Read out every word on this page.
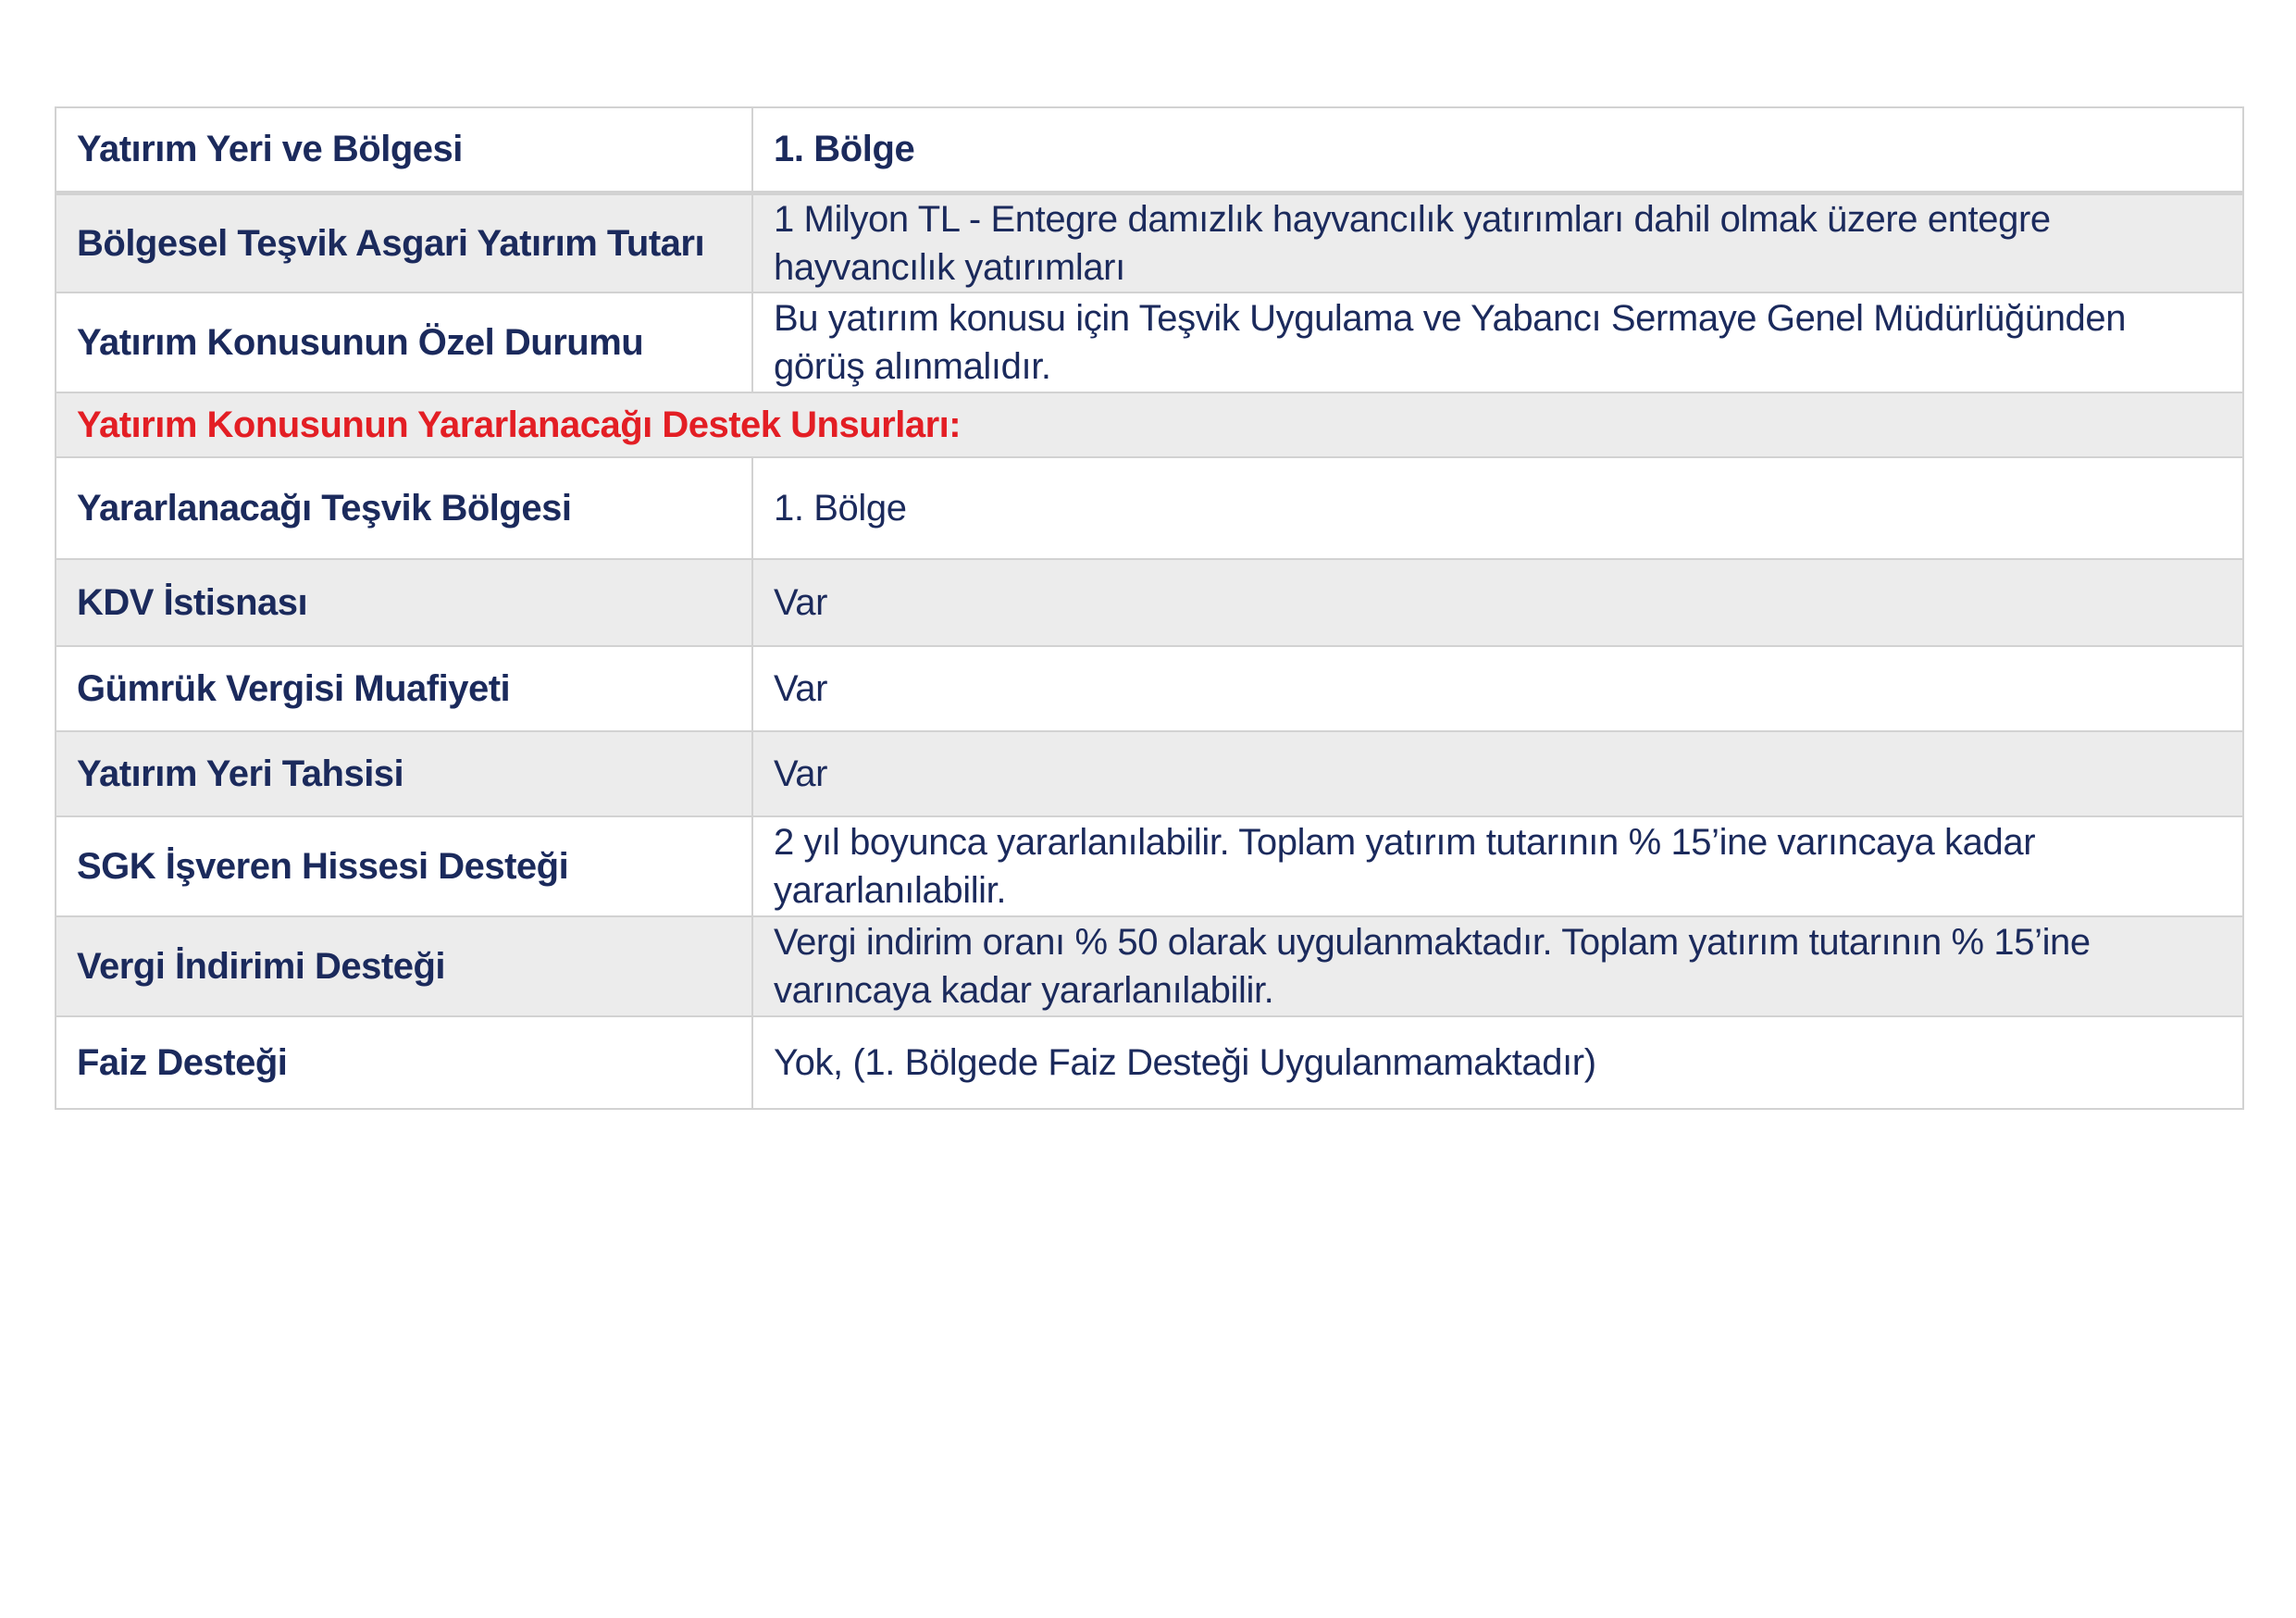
Yatırım Yeri ve Bölgesi	1. Bölge
Bölgesel Teşvik Asgari Yatırım Tutarı	1 Milyon TL - Entegre damızlık hayvancılık yatırımları dahil olmak üzere entegre hayvancılık yatırımları
Yatırım Konusunun Özel Durumu	Bu yatırım konusu için Teşvik Uygulama ve Yabancı Sermaye Genel Müdürlüğünden görüş alınmalıdır.
Yatırım Konusunun Yararlanacağı Destek Unsurları:	
Yararlanacağı Teşvik Bölgesi	1. Bölge
KDV İstisnası	Var
Gümrük Vergisi Muafiyeti	Var
Yatırım Yeri Tahsisi	Var
SGK İşveren Hissesi Desteği	2 yıl boyunca yararlanılabilir. Toplam yatırım tutarının % 15’ine varıncaya kadar yararlanılabilir.
Vergi İndirimi Desteği	Vergi indirim oranı % 50 olarak uygulanmaktadır. Toplam yatırım tutarının % 15’ine varıncaya kadar yararlanılabilir.
Faiz Desteği	Yok, (1. Bölgede Faiz Desteği Uygulanmamaktadır)
